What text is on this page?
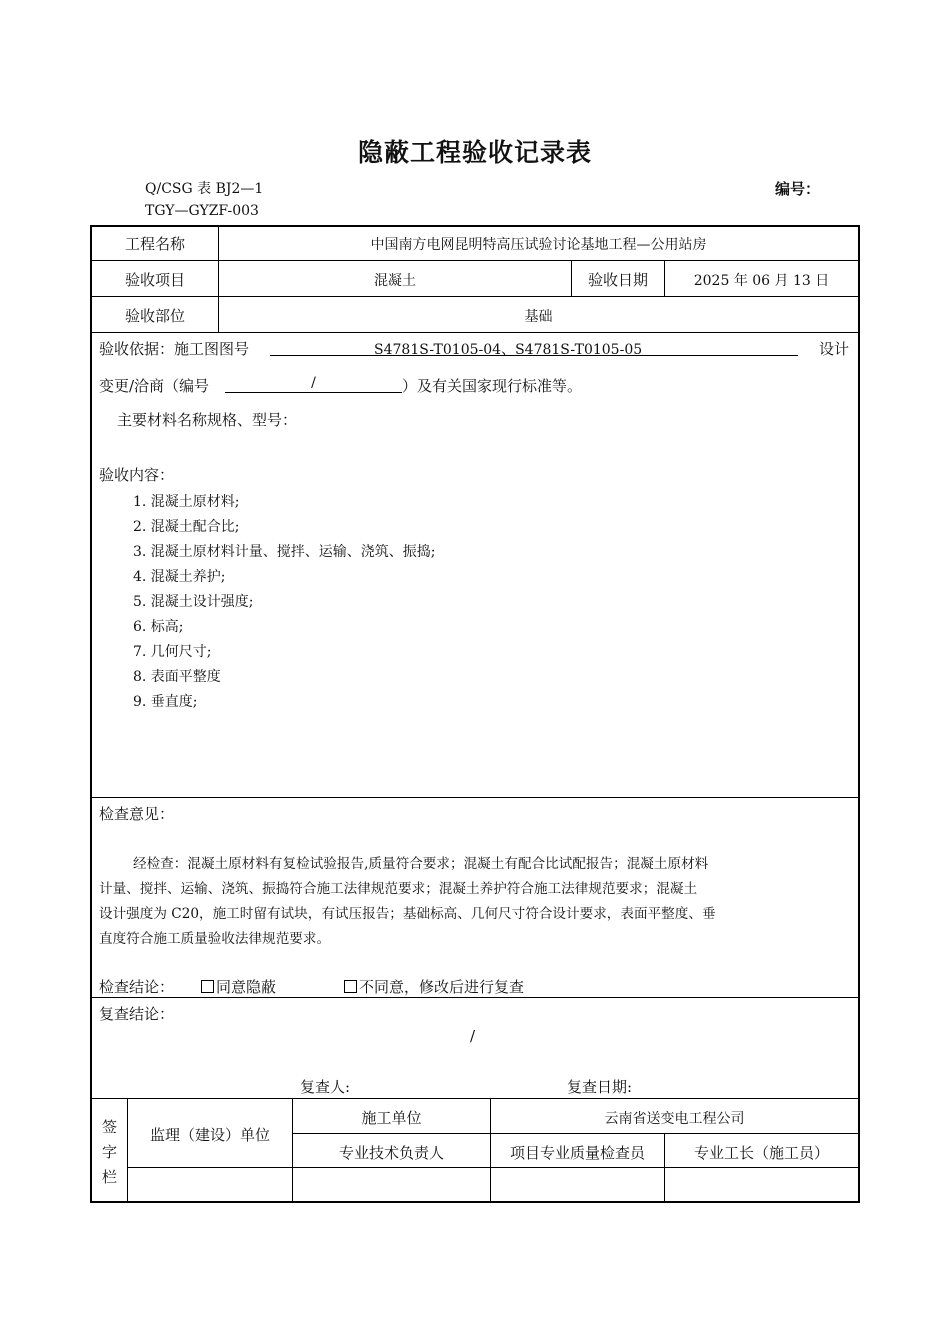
隐蔽工程验收记录表
Q/CSG 表 BJ2—1
TGY—GYZF-003
编号：
工程名称	中国南方电网昆明特高压试验讨论基地工程—公用站房
验收项目	混凝土	验收日期	2025 年 06 月 13 日
验收部位	基础
验收依据：施工图图号	S4781S-T0105-04、S4781S-T0105-05	设计
变更/洽商（编号	/	）及有关国家现行标准等。
主要材料名称规格、型号：
验收内容：
1. 混凝土原材料;
2. 混凝土配合比;
3. 混凝土原材料计量、搅拌、运输、浇筑、振捣;
4. 混凝土养护;
5. 混凝土设计强度;
6. 标高;
7. 几何尺寸;
8. 表面平整度
9. 垂直度;
检查意见：
经检查：混凝土原材料有复检试验报告,质量符合要求；混凝土有配合比试配报告；混凝土原材料
计量、搅拌、运输、浇筑、振捣符合施工法律规范要求；混凝土养护符合施工法律规范要求；混凝土
设计强度为 C20，施工时留有试块，有试压报告；基础标高、几何尺寸符合设计要求，表面平整度、垂
直度符合施工质量验收法律规范要求。
检查结论：	同意隐蔽	不同意，修改后进行复查
复查结论：
/
复查人:	复查日期:
签
字
栏
监理（建设）单位
施工单位	云南省送变电工程公司
专业技术负责人	项目专业质量检查员	专业工长（施工员）
